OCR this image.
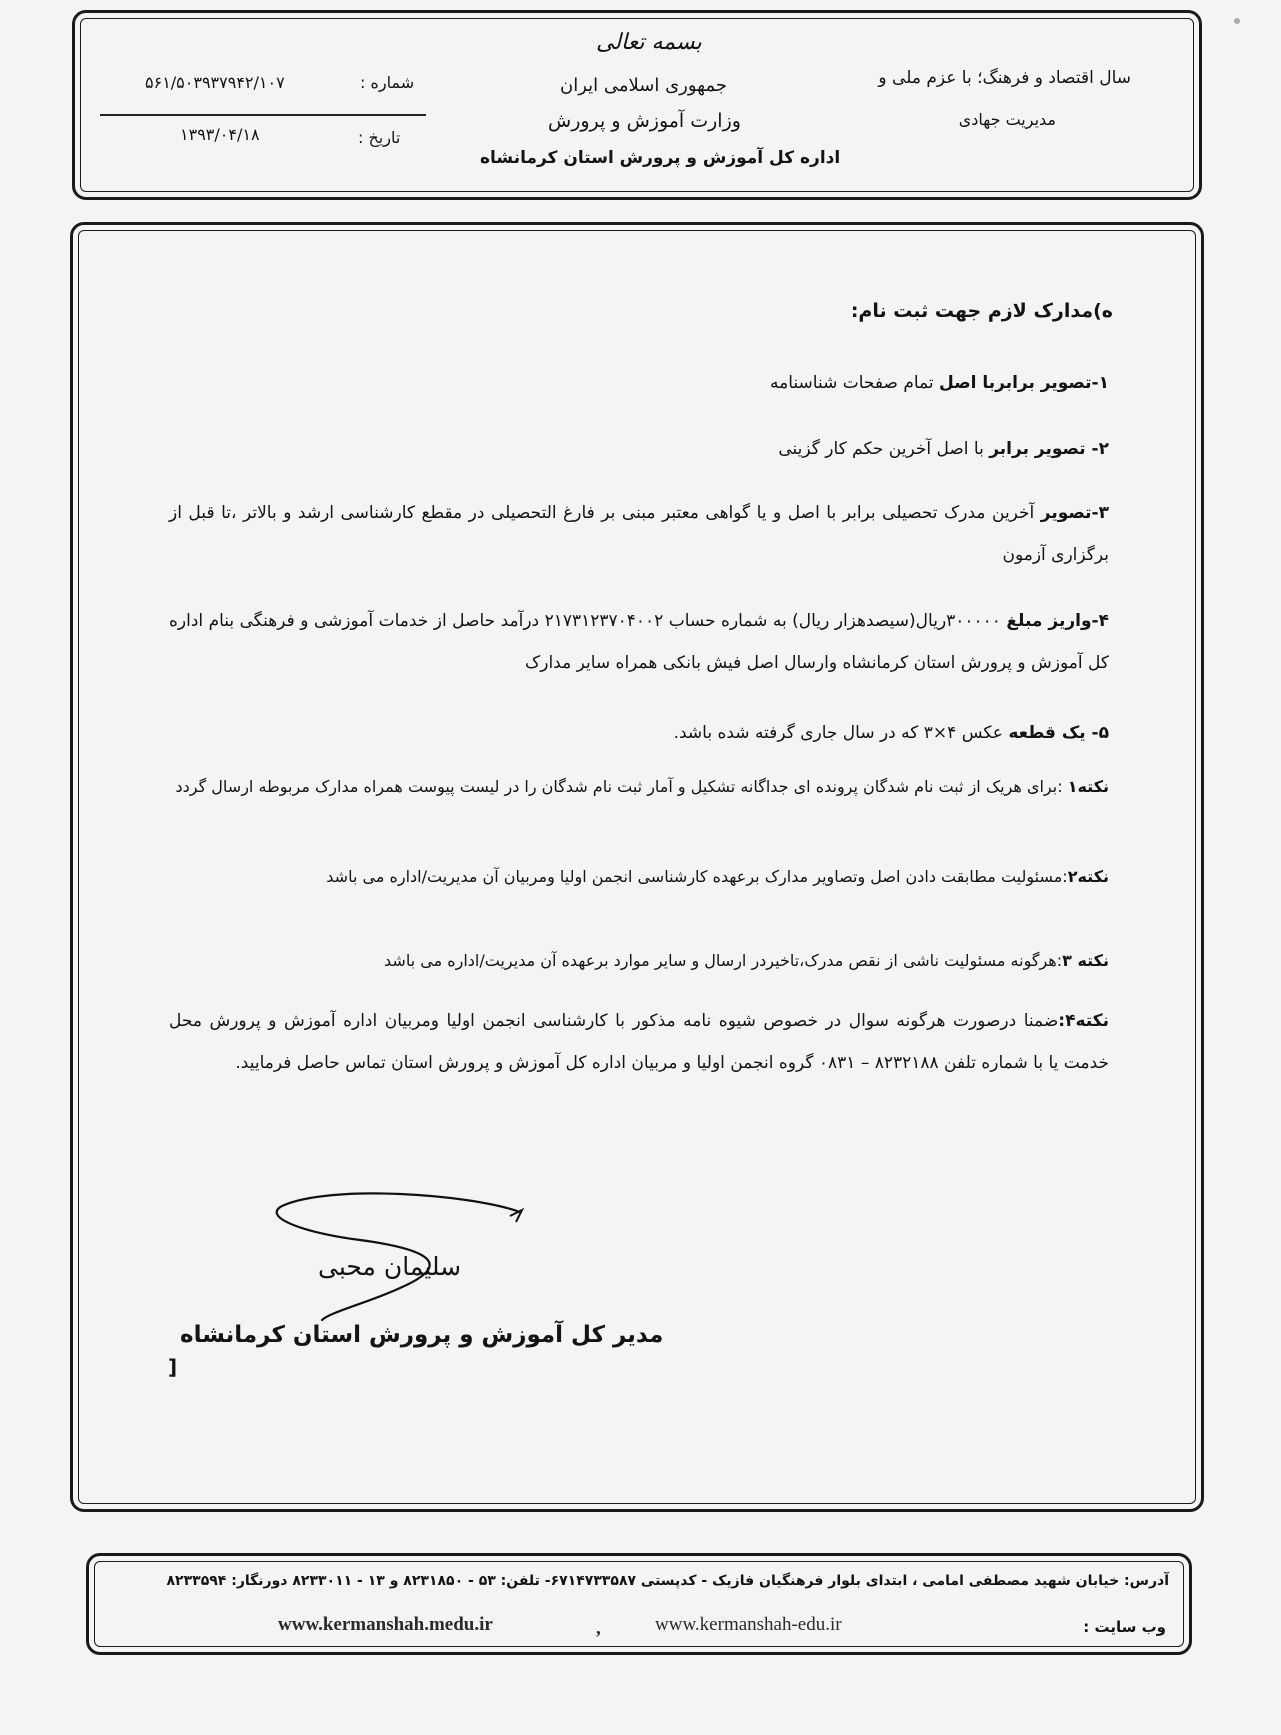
بسمه تعالی
جمهوری اسلامی ایران
وزارت آموزش و پرورش
اداره کل آموزش و پرورش استان کرمانشاه
سال اقتصاد و فرهنگ؛ با عزم ملی و
مدیریت جهادی
شماره :
۵۶۱/۵۰۳۹۳۷۹۴۲/۱۰۷
تاریخ :
۱۳۹۳/۰۴/۱۸
ه)مدارک لازم جهت ثبت نام:
۱-تصویر برابربا اصل تمام صفحات شناسنامه
۲- تصویر برابر با اصل آخرین حکم کار گزینی
۳-تصویر آخرین مدرک تحصیلی برابر با اصل و یا گواهی معتبر مبنی بر فارغ التحصیلی در مقطع کارشناسی ارشد و بالاتر ،تا قبل از برگزاری آزمون
۴-واریز مبلغ ۳۰۰۰۰۰ریال(سیصدهزار ریال) به شماره حساب ۲۱۷۳۱۲۳۷۰۴۰۰۲ درآمد حاصل از خدمات آموزشی و فرهنگی بنام اداره کل آموزش و پرورش استان کرمانشاه وارسال اصل فیش بانکی همراه سایر مدارک
۵- یک قطعه عکس ۴×۳ که در سال جاری گرفته شده باشد.
نکته۱ :برای هریک از ثبت نام شدگان پرونده ای جداگانه تشکیل و آمار ثبت نام شدگان را در لیست پیوست همراه مدارک مربوطه ارسال گردد
نکته۲:مسئولیت مطابقت دادن اصل وتصاویر مدارک برعهده کارشناسی انجمن اولیا ومربیان آن مدیریت/اداره می باشد
نکته ۳:هرگونه مسئولیت ناشی از نقص مدرک،تاخیردر ارسال و سایر موارد برعهده آن مدیریت/اداره می باشد
نکته۴:ضمنا درصورت هرگونه سوال در خصوص شیوه نامه مذکور با کارشناسی انجمن اولیا ومربیان اداره آموزش و پرورش محل خدمت یا با شماره تلفن ۸۲۳۲۱۸۸ – ۰۸۳۱ گروه انجمن اولیا و مربیان اداره کل آموزش و پرورش استان تماس حاصل فرمایید.
سلیمان محبی
مدیر کل آموزش و پرورش استان کرمانشاه
]
آدرس: خیابان شهید مصطفی امامی ، ابتدای بلوار فرهنگیان فازیک - کدپستی ۶۷۱۴۷۳۳۵۸۷- تلفن: ۵۳ - ۸۲۳۱۸۵۰ و ۱۳ - ۸۲۳۳۰۱۱ دورنگار: ۸۲۳۳۵۹۴
وب سایت :
www.kermanshah.medu.ir	,	www.kermanshah-edu.ir
